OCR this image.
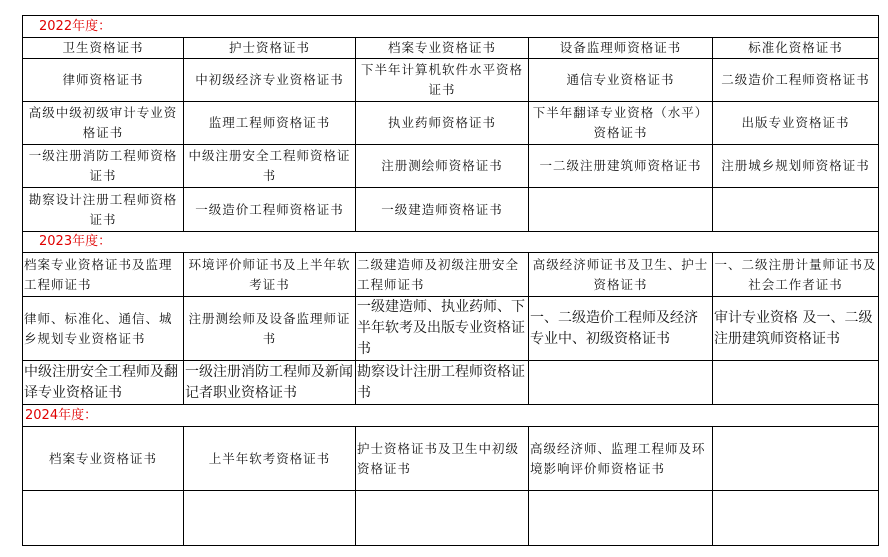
2022年度：				
卫生资格证书	护士资格证书	档案专业资格证书	设备监理师资格证书	标准化资格证书
律师资格证书	中初级经济专业资格证书	下半年计算机软件水平资格证书	通信专业资格证书	二级造价工程师资格证书
高级中级初级审计专业资格证书	监理工程师资格证书	执业药师资格证书	下半年翻译专业资格（水平）资格证书	出版专业资格证书
一级注册消防工程师资格证书	中级注册安全工程师资格证书	注册测绘师资格证书	一二级注册建筑师资格证书	注册城乡规划师资格证书
勘察设计注册工程师资格证书	一级造价工程师资格证书	一级建造师资格证书		
2023年度：				
档案专业资格证书及监理工程师证书	环境评价师证书及上半年软考证书	二级建造师及初级注册安全工程师证书	高级经济师证书及卫生、护士资格证书	一、二级注册计量师证书及社会工作者证书
律师、标准化、通信、城乡规划专业资格证书	注册测绘师及设备监理师证书	一级建造师、执业药师、下半年软考及出版专业资格证书	一、二级造价工程师及经济专业中、初级资格证书	审计专业资格 及一、二级注册建筑师资格证书
中级注册安全工程师及翻译专业资格证书	一级注册消防工程师及新闻记者职业资格证书	勘察设计注册工程师资格证书		
2024年度：				
档案专业资格证书	上半年软考资格证书	护士资格证书及卫生中初级资格证书	高级经济师、监理工程师及环境影响评价师资格证书	
